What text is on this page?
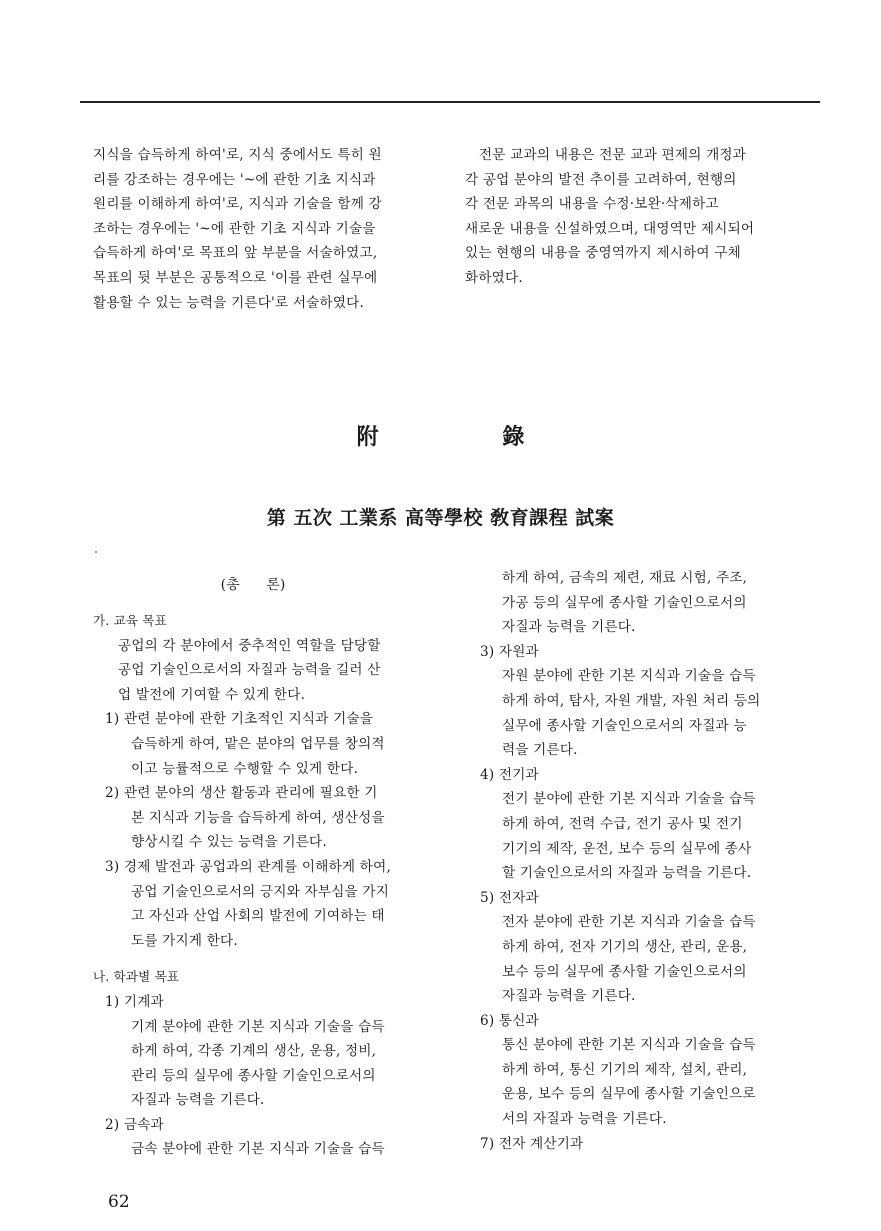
지식을 습득하게 하여'로, 지식 중에서도 특히 원

리를 강조하는 경우에는 '~에 관한 기초 지식과

원리를 이해하게 하여'로, 지식과 기술을 함께 강

조하는 경우에는 '~에 관한 기초 지식과 기술을

습득하게 하여'로 목표의 앞 부분을 서술하였고,

목표의 뒷 부분은 공통적으로 '이를 관련 실무에

활용할 수 있는 능력을 기른다'로 서술하였다.

전문 교과의 내용은 전문 교과 편제의 개정과

각 공업 분야의 발전 추이를 고려하여, 현행의

각 전문 과목의 내용을 수정·보완·삭제하고

새로운 내용을 신설하였으며, 대영역만 제시되어

있는 현행의 내용을 중영역까지 제시하여 구체

화하였다.

附 錄
第 五次 工業系 高等學校 敎育課程 試案
(총      론)
가. 교육 목표
공업의 각 분야에서 중추적인 역할을 담당할
공업 기술인으로서의 자질과 능력을 길러 산
업 발전에 기여할 수 있게 한다.
1) 관련 분야에 관한 기초적인 지식과 기술을
습득하게 하여, 맡은 분야의 업무를 창의적
이고 능률적으로 수행할 수 있게 한다.
2) 관련 분야의 생산 활동과 관리에 필요한 기
본 지식과 기능을 습득하게 하여, 생산성을
향상시킬 수 있는 능력을 기른다.
3) 경제 발전과 공업과의 관계를 이해하게 하여,
공업 기술인으로서의 긍지와 자부심을 가지
고 자신과 산업 사회의 발전에 기여하는 태
도를 가지게 한다.
나. 학과별 목표
1) 기계과
기계 분야에 관한 기본 지식과 기술을 습득
하게 하여, 각종 기계의 생산, 운용, 정비,
관리 등의 실무에 종사할 기술인으로서의
자질과 능력을 기른다.
2) 금속과
금속 분야에 관한 기본 지식과 기술을 습득
하게 하여, 금속의 제련, 재료 시험, 주조,
가공 등의 실무에 종사할 기술인으로서의
자질과 능력을 기른다.
3) 자원과
자원 분야에 관한 기본 지식과 기술을 습득
하게 하여, 탐사, 자원 개발, 자원 처리 등의
실무에 종사할 기술인으로서의 자질과 능
력을 기른다.
4) 전기과
전기 분야에 관한 기본 지식과 기술을 습득
하게 하여, 전력 수급, 전기 공사 및 전기
기기의 제작, 운전, 보수 등의 실무에 종사
할 기술인으로서의 자질과 능력을 기른다.
5) 전자과
전자 분야에 관한 기본 지식과 기술을 습득
하게 하여, 전자 기기의 생산, 관리, 운용,
보수 등의 실무에 종사할 기술인으로서의
자질과 능력을 기른다.
6) 통신과
통신 분야에 관한 기본 지식과 기술을 습득
하게 하여, 통신 기기의 제작, 설치, 관리,
운용, 보수 등의 실무에 종사할 기술인으로
서의 자질과 능력을 기른다.
7) 전자 계산기과
62
